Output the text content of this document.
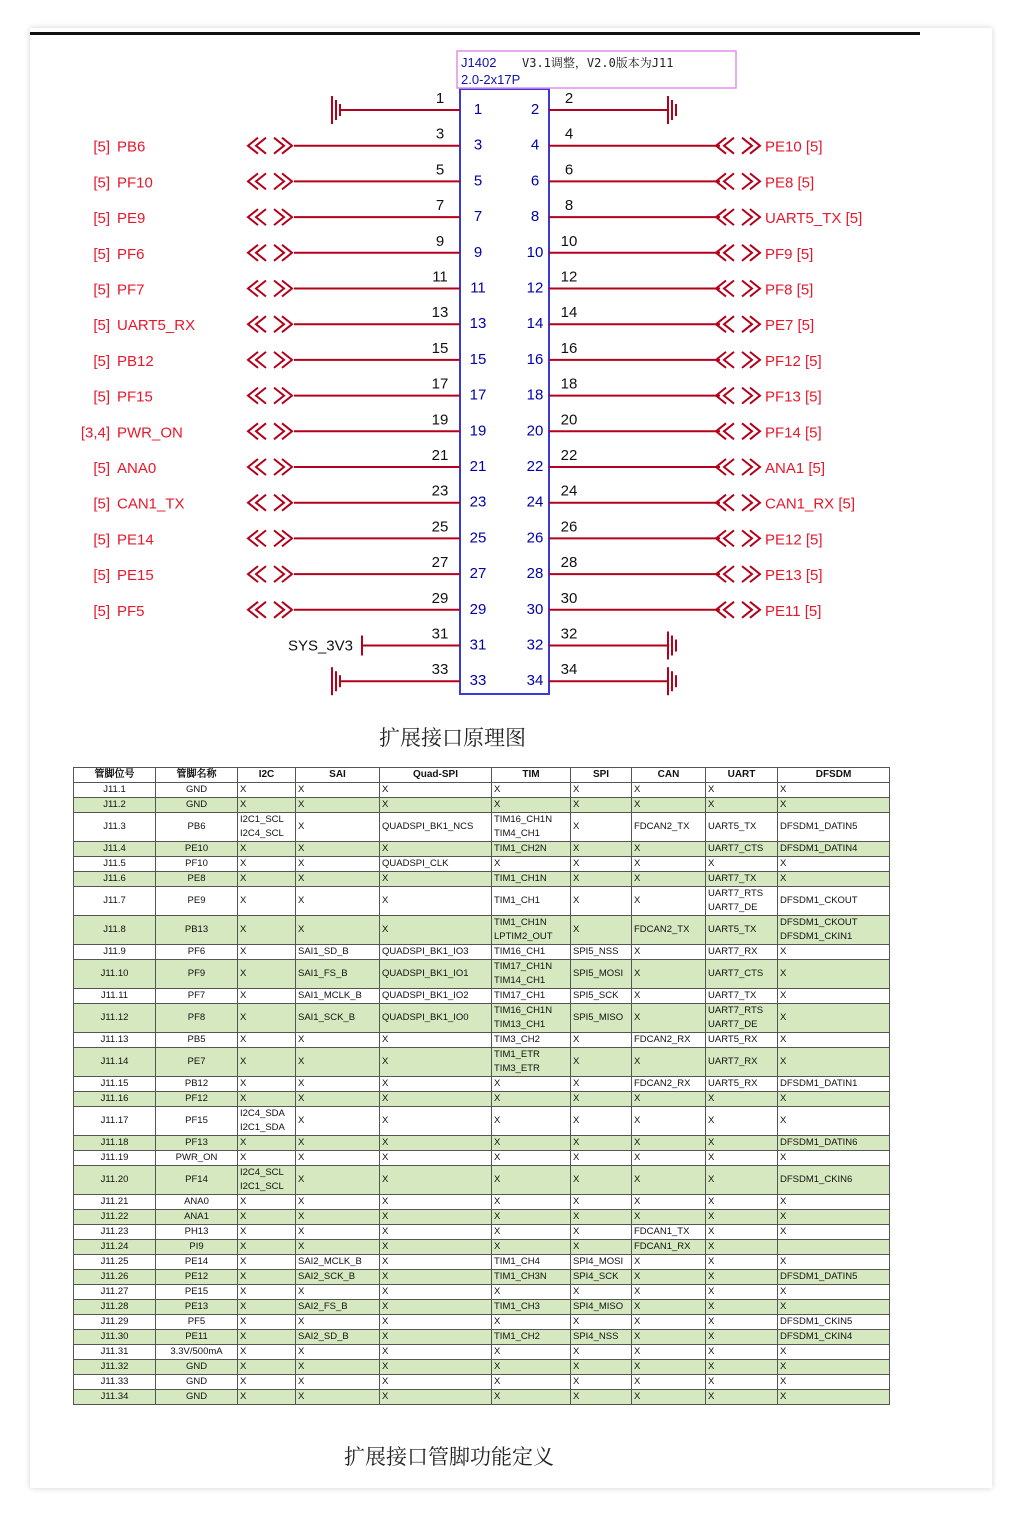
J1402 V3.1调整，V2.0版本为J11
2.0-2x17P
1
1
3
3
PB6
[5]
5
5
PF10
[5]
7
7
PE9
[5]
9
9
PF6
[5]
11
11
PF7
[5]
13
13
UART5_RX
[5]
15
15
PB12
[5]
17
17
PF15
[5]
19
19
PWR_ON
[3,4]
21
21
ANA0
[5]
23
23
CAN1_TX
[5]
25
25
PE14
[5]
27
27
PE15
[5]
29
29
PF5
[5]
31
31
SYS_3V3
33
33
2
2
4
4
PE10 [5]
6
6
PE8 [5]
8
8
UART5_TX [5]
10
10
PF9 [5]
12
12
PF8 [5]
14
14
PE7 [5]
16
16
PF12 [5]
18
18
PF13 [5]
20
20
PF14 [5]
22
22
ANA1 [5]
24
24
CAN1_RX [5]
26
26
PE12 [5]
28
28
PE13 [5]
30
30
PE11 [5]
32
32
34
34
扩展接口原理图
管脚位号	管脚名称	I2C	SAI	Quad-SPI	TIM	SPI	CAN	UART	DFSDM
J11.1	GND	X	X	X	X	X	X	X	X
J11.2	GND	X	X	X	X	X	X	X	X
J11.3	PB6	I2C1_SCL
I2C4_SCL	X	QUADSPI_BK1_NCS	TIM16_CH1N
TIM4_CH1	X	FDCAN2_TX	UART5_TX	DFSDM1_DATIN5
J11.4	PE10	X	X	X	TIM1_CH2N	X	X	UART7_CTS	DFSDM1_DATIN4
J11.5	PF10	X	X	QUADSPI_CLK	X	X	X	X	X
J11.6	PE8	X	X	X	TIM1_CH1N	X	X	UART7_TX	X
J11.7	PE9	X	X	X	TIM1_CH1	X	X	UART7_RTS
UART7_DE	DFSDM1_CKOUT
J11.8	PB13	X	X	X	TIM1_CH1N
LPTIM2_OUT	X	FDCAN2_TX	UART5_TX	DFSDM1_CKOUT
DFSDM1_CKIN1
J11.9	PF6	X	SAI1_SD_B	QUADSPI_BK1_IO3	TIM16_CH1	SPI5_NSS	X	UART7_RX	X
J11.10	PF9	X	SAI1_FS_B	QUADSPI_BK1_IO1	TIM17_CH1N
TIM14_CH1	SPI5_MOSI	X	UART7_CTS	X
J11.11	PF7	X	SAI1_MCLK_B	QUADSPI_BK1_IO2	TIM17_CH1	SPI5_SCK	X	UART7_TX	X
J11.12	PF8	X	SAI1_SCK_B	QUADSPI_BK1_IO0	TIM16_CH1N
TIM13_CH1	SPI5_MISO	X	UART7_RTS
UART7_DE	X
J11.13	PB5	X	X	X	TIM3_CH2	X	FDCAN2_RX	UART5_RX	X
J11.14	PE7	X	X	X	TIM1_ETR
TIM3_ETR	X	X	UART7_RX	X
J11.15	PB12	X	X	X	X	X	FDCAN2_RX	UART5_RX	DFSDM1_DATIN1
J11.16	PF12	X	X	X	X	X	X	X	X
J11.17	PF15	I2C4_SDA
I2C1_SDA	X	X	X	X	X	X	X
J11.18	PF13	X	X	X	X	X	X	X	DFSDM1_DATIN6
J11.19	PWR_ON	X	X	X	X	X	X	X	X
J11.20	PF14	I2C4_SCL
I2C1_SCL	X	X	X	X	X	X	DFSDM1_CKIN6
J11.21	ANA0	X	X	X	X	X	X	X	X
J11.22	ANA1	X	X	X	X	X	X	X	X
J11.23	PH13	X	X	X	X	X	FDCAN1_TX	X	X
J11.24	PI9	X	X	X	X	X	FDCAN1_RX	X	
J11.25	PE14	X	SAI2_MCLK_B	X	TIM1_CH4	SPI4_MOSI	X	X	X
J11.26	PE12	X	SAI2_SCK_B	X	TIM1_CH3N	SPI4_SCK	X	X	DFSDM1_DATIN5
J11.27	PE15	X	X	X	X	X	X	X	X
J11.28	PE13	X	SAI2_FS_B	X	TIM1_CH3	SPI4_MISO	X	X	X
J11.29	PF5	X	X	X	X	X	X	X	DFSDM1_CKIN5
J11.30	PE11	X	SAI2_SD_B	X	TIM1_CH2	SPI4_NSS	X	X	DFSDM1_CKIN4
J11.31	3.3V/500mA	X	X	X	X	X	X	X	X
J11.32	GND	X	X	X	X	X	X	X	X
J11.33	GND	X	X	X	X	X	X	X	X
J11.34	GND	X	X	X	X	X	X	X	X
扩展接口管脚功能定义
